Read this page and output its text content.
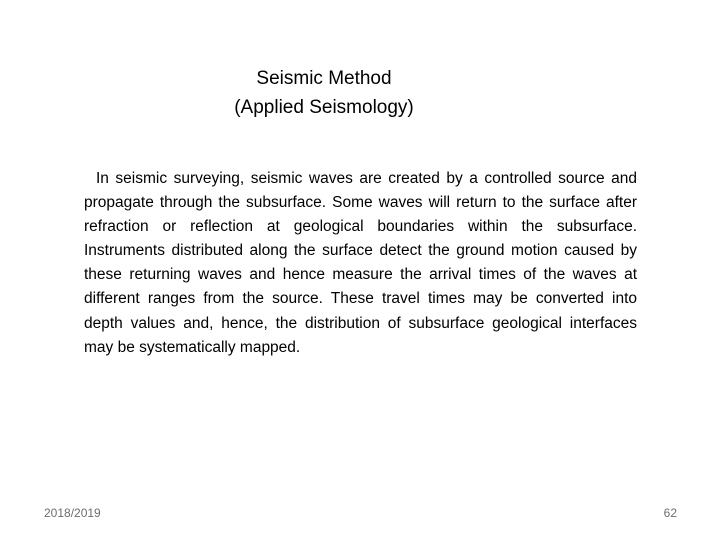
Seismic Method
(Applied Seismology)

In seismic surveying, seismic waves are created by a controlled source and propagate through the subsurface. Some waves will return to the surface after refraction or reflection at geological boundaries within the subsurface. Instruments distributed along the surface detect the ground motion caused by these returning waves and hence measure the arrival times of the waves at different ranges from the source. These travel times may be converted into depth values and, hence, the distribution of subsurface geological interfaces may be systematically mapped.

2018/2019	62
